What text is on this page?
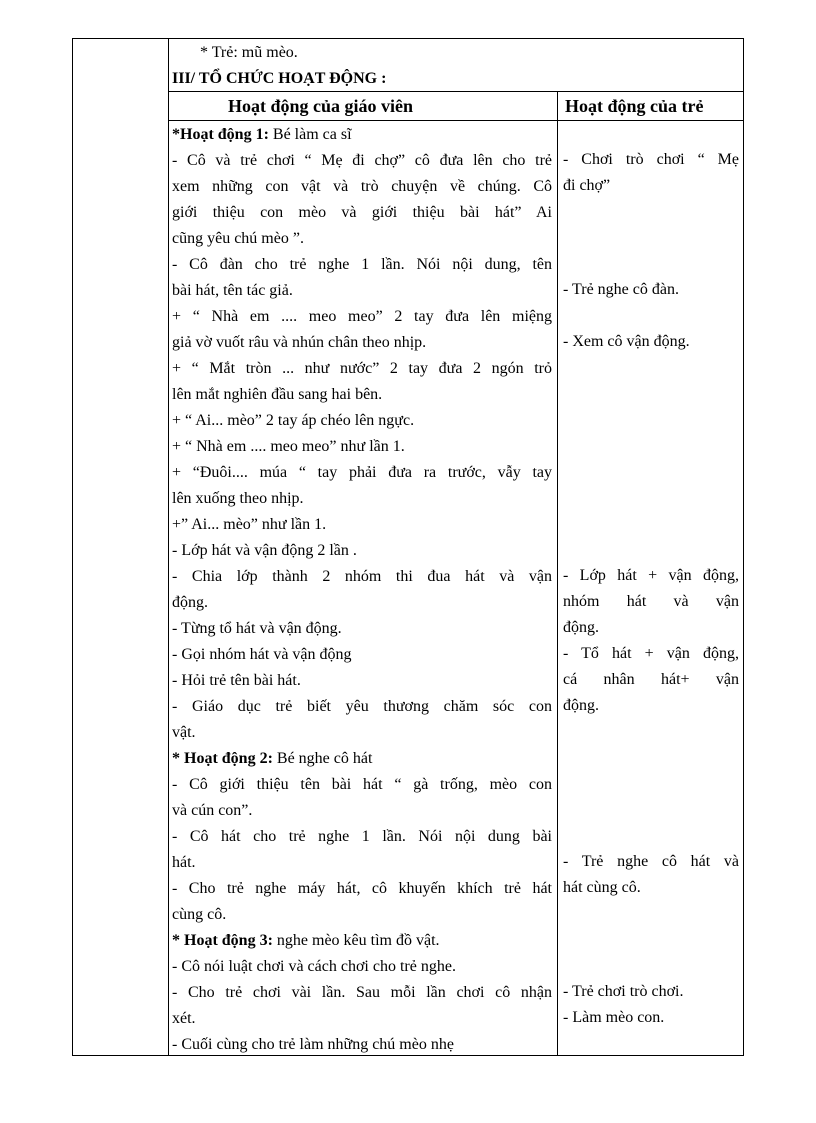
* Trẻ: mũ mèo.
III/ TỔ CHỨC HOẠT ĐỘNG :
Hoạt động của giáo viên	Hoạt động của trẻ
*Hoạt động 1: Bé làm ca sĩ
- Cô và trẻ chơi “ Mẹ đi chợ” cô đưa lên cho trẻ
xem những con vật và trò chuyện về chúng. Cô
giới thiệu con mèo và giới thiệu bài hát” Ai
cũng yêu chú mèo ”.
- Cô đàn cho trẻ nghe 1 lần. Nói nội dung, tên
bài hát, tên tác giả.
+ “ Nhà em .... meo meo” 2 tay đưa lên miệng
giả vờ vuốt râu và nhún chân theo nhịp.
+ “ Mắt tròn ... như nước” 2 tay đưa 2 ngón trỏ
lên mắt nghiên đầu sang hai bên.
+ “ Ai... mèo” 2 tay áp chéo lên ngực.
+ “ Nhà em .... meo meo” như lần 1.
+ “Đuôi.... múa “ tay phải đưa ra trước, vẫy tay
lên xuống theo nhịp.
+” Ai... mèo” như lần 1.
- Lớp hát và vận động 2 lần .
- Chia lớp thành 2 nhóm thi đua hát và vận
động.
- Từng tổ hát và vận động.
- Gọi nhóm hát và vận động
- Hỏi trẻ tên bài hát.
- Giáo dục trẻ biết yêu thương chăm sóc con
vật.
* Hoạt động 2: Bé nghe cô hát
- Cô giới thiệu tên bài hát “ gà trống, mèo con
và cún con”.
- Cô hát cho trẻ nghe 1 lần. Nói nội dung bài
hát.
- Cho trẻ nghe máy hát, cô khuyến khích trẻ hát
cùng cô.
* Hoạt động 3: nghe mèo kêu tìm đồ vật.
- Cô nói luật chơi và cách chơi cho trẻ nghe.
- Cho trẻ chơi vài lần. Sau mỗi lần chơi cô nhận
xét.
- Cuối cùng cho trẻ làm những chú mèo nhẹ
- Chơi trò chơi “ Mẹ
đi chợ”
- Trẻ nghe cô đàn.
- Xem cô vận động.
- Lớp hát + vận động,
nhóm hát và vận
động.
- Tổ hát + vận động,
cá nhân hát+ vận
động.
- Trẻ nghe cô hát và
hát cùng cô.
- Trẻ chơi trò chơi.
- Làm mèo con.
